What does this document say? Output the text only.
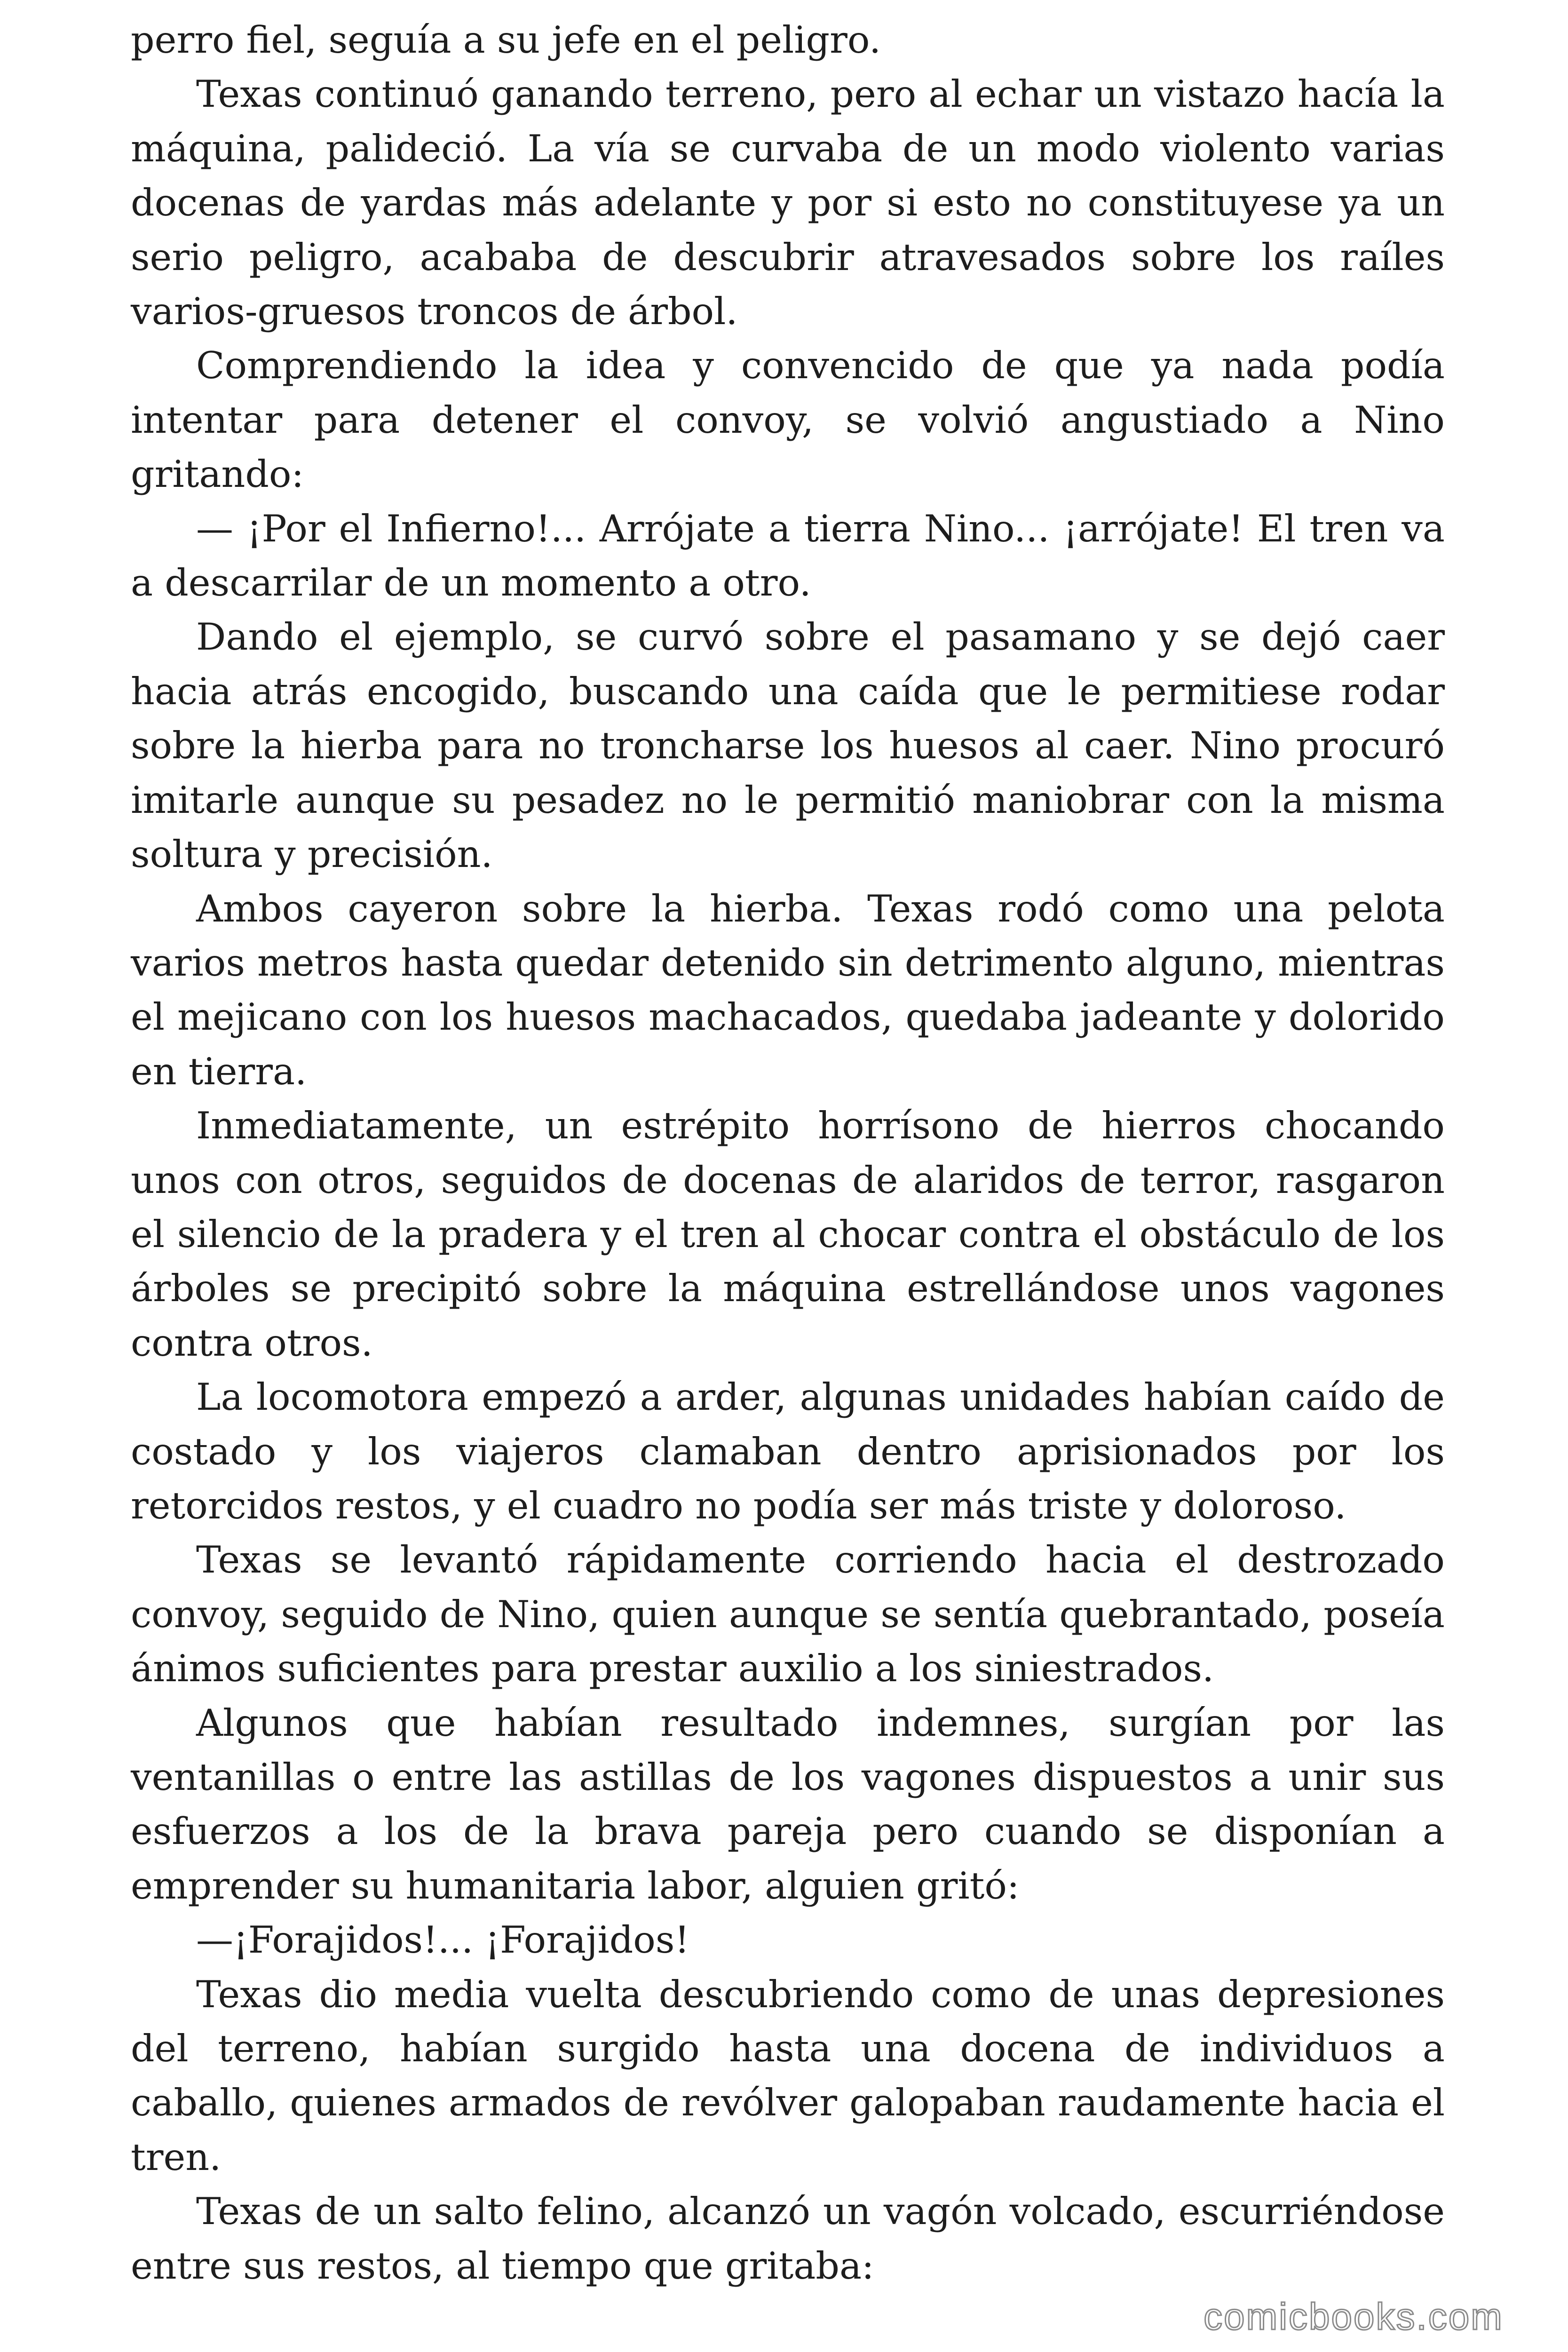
perro fiel, seguía a su jefe en el peligro.

Texas continuó ganando terreno, pero al echar un vistazo hacía la máquina, palideció. La vía se curvaba de un modo violento varias docenas de yardas más adelante y por si esto no constituyese ya un serio peligro, acababa de descubrir atravesados sobre los raíles varios-gruesos troncos de árbol.

Comprendiendo la idea y convencido de que ya nada podía intentar para detener el convoy, se volvió angustiado a Nino gritando:

— ¡Por el Infierno!... Arrójate a tierra Nino... ¡arrójate! El tren va a descarrilar de un momento a otro.

Dando el ejemplo, se curvó sobre el pasamano y se dejó caer hacia atrás encogido, buscando una caída que le permitiese rodar sobre la hierba para no troncharse los huesos al caer. Nino procuró imitarle aunque su pesadez no le permitió maniobrar con la misma soltura y precisión.

Ambos cayeron sobre la hierba. Texas rodó como una pelota varios metros hasta quedar detenido sin detrimento alguno, mientras el mejicano con los huesos machacados, quedaba jadeante y dolorido en tierra.

Inmediatamente, un estrépito horrísono de hierros chocando unos con otros, seguidos de docenas de alaridos de terror, rasgaron el silencio de la pradera y el tren al chocar contra el obstáculo de los árboles se precipitó sobre la máquina estrellándose unos vagones contra otros.

La locomotora empezó a arder, algunas unidades habían caído de costado y los viajeros clamaban dentro aprisionados por los retorcidos restos, y el cuadro no podía ser más triste y doloroso.

Texas se levantó rápidamente corriendo hacia el destrozado convoy, seguido de Nino, quien aunque se sentía quebrantado, poseía ánimos suficientes para prestar auxilio a los siniestrados.

Algunos que habían resultado indemnes, surgían por las ventanillas o entre las astillas de los vagones dispuestos a unir sus esfuerzos a los de la brava pareja pero cuando se disponían a emprender su humanitaria labor, alguien gritó:

—¡Forajidos!... ¡Forajidos!

Texas dio media vuelta descubriendo como de unas depresiones del terreno, habían surgido hasta una docena de individuos a caballo, quienes armados de revólver galopaban raudamente hacia el tren.

Texas de un salto felino, alcanzó un vagón volcado, escurriéndose entre sus restos, al tiempo que gritaba:

comicbooks.com
